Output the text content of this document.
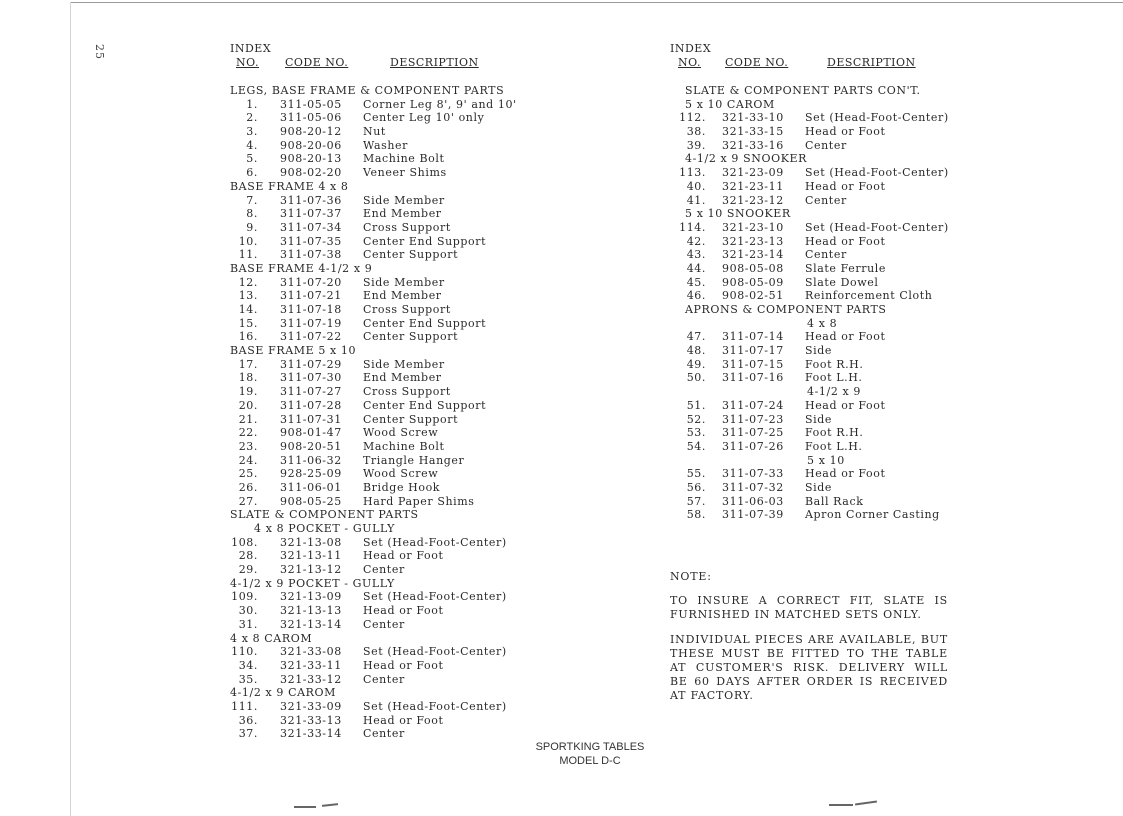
25	INDEX
NO. CODE NO.	DESCRIPTION
LEGS, BASE FRAME & COMPONENT PARTS
1. 311-05-05 Corner Leg 8', 9' and 10'
2. 311-05-06 Center Leg 10' only
3. 908-20-12 Nut
4. 908-20-06 Washer
5. 908-20-13 Machine Bolt
6. 908-02-20 Veneer Shims
BASE FRAME 4 x 8
7. 311-07-36 Side Member
8. 311-07-37 End Member
9. 311-07-34 Cross Support
10. 311-07-35 Center End Support
11. 311-07-38 Center Support
BASE FRAME 4-1/2 x 9
12. 311-07-20 Side Member
13. 311-07-21 End Member
14. 311-07-18 Cross Support
15. 311-07-19 Center End Support
16. 311-07-22 Center Support
BASE FRAME 5 x 10
17. 311-07-29 Side Member
18. 311-07-30 End Member
19. 311-07-27 Cross Support
20. 311-07-28 Center End Support
21. 311-07-31 Center Support
22. 908-01-47 Wood Screw
23. 908-20-51 Machine Bolt
24. 311-06-32 Triangle Hanger
25. 928-25-09 Wood Screw
26. 311-06-01 Bridge Hook
27. 908-05-25 Hard Paper Shims
SLATE & COMPONENT PARTS
4 x 8 POCKET - GULLY
108. 321-13-08 Set (Head-Foot-Center)
28. 321-13-11 Head or Foot
29. 321-13-12 Center
4-1/2 x 9 POCKET - GULLY
109. 321-13-09 Set (Head-Foot-Center)
30. 321-13-13 Head or Foot
31. 321-13-14 Center
4 x 8 CAROM
110. 321-33-08 Set (Head-Foot-Center)
34. 321-33-11 Head or Foot
35. 321-33-12 Center
4-1/2 x 9 CAROM
111. 321-33-09 Set (Head-Foot-Center)
36. 321-33-13 Head or Foot
37. 321-33-14 Center
INDEX
NO. CODE NO.	DESCRIPTION
SLATE & COMPONENT PARTS CON'T.
5 x 10 CAROM
112. 321-33-10 Set (Head-Foot-Center)
38. 321-33-15 Head or Foot
39. 321-33-16 Center
4-1/2 x 9 SNOOKER
113. 321-23-09 Set (Head-Foot-Center)
40. 321-23-11 Head or Foot
41. 321-23-12 Center
5 x 10 SNOOKER
114. 321-23-10 Set (Head-Foot-Center)
42. 321-23-13 Head or Foot
43. 321-23-14 Center
44. 908-05-08 Slate Ferrule
45. 908-05-09 Slate Dowel
46. 908-02-51 Reinforcement Cloth
APRONS & COMPONENT PARTS
4 x 8
47. 311-07-14 Head or Foot
48. 311-07-17 Side
49. 311-07-15 Foot R.H.
50. 311-07-16 Foot L.H.
4-1/2 x 9
51. 311-07-24 Head or Foot
52. 311-07-23 Side
53. 311-07-25 Foot R.H.
54. 311-07-26 Foot L.H.
5 x 10
55. 311-07-33 Head or Foot
56. 311-07-32 Side
57. 311-06-03 Ball Rack
58. 311-07-39 Apron Corner Casting
NOTE:
TO INSURE A CORRECT FIT, SLATE IS FURNISHED IN MATCHED SETS ONLY.
INDIVIDUAL PIECES ARE AVAILABLE, BUT THESE MUST BE FITTED TO THE TABLE AT CUSTOMER'S RISK. DELIVERY WILL BE 60 DAYS AFTER ORDER IS RECEIVED AT FACTORY.
SPORTKING TABLES
MODEL D-C
